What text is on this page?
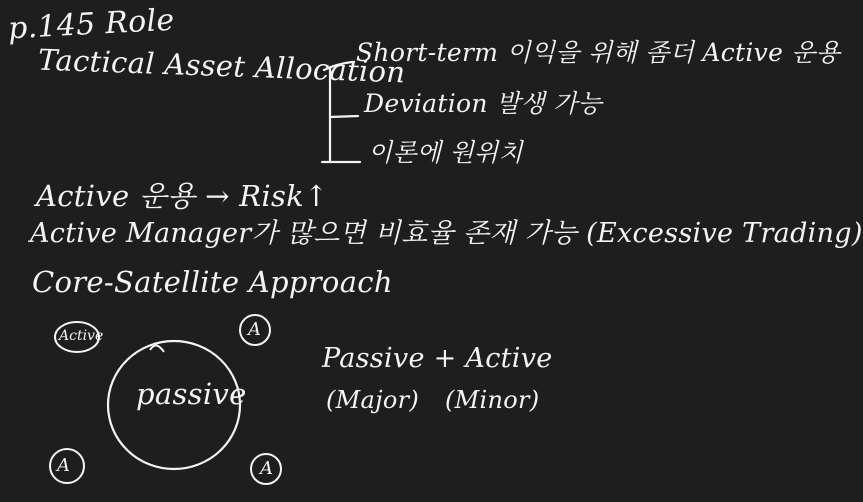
p.145 Role
Tactical Asset Allocation
Short-term 이익을 위해 좀더 Active 운용
Deviation 발생 가능
이론에 원위치
Active 운용 → Risk↑
Active Manager가 많으면 비효율 존재 가능 (Excessive Trading)
Core-Satellite Approach
passive
Active	A
A	A
Passive + Active
(Major) (Minor)
